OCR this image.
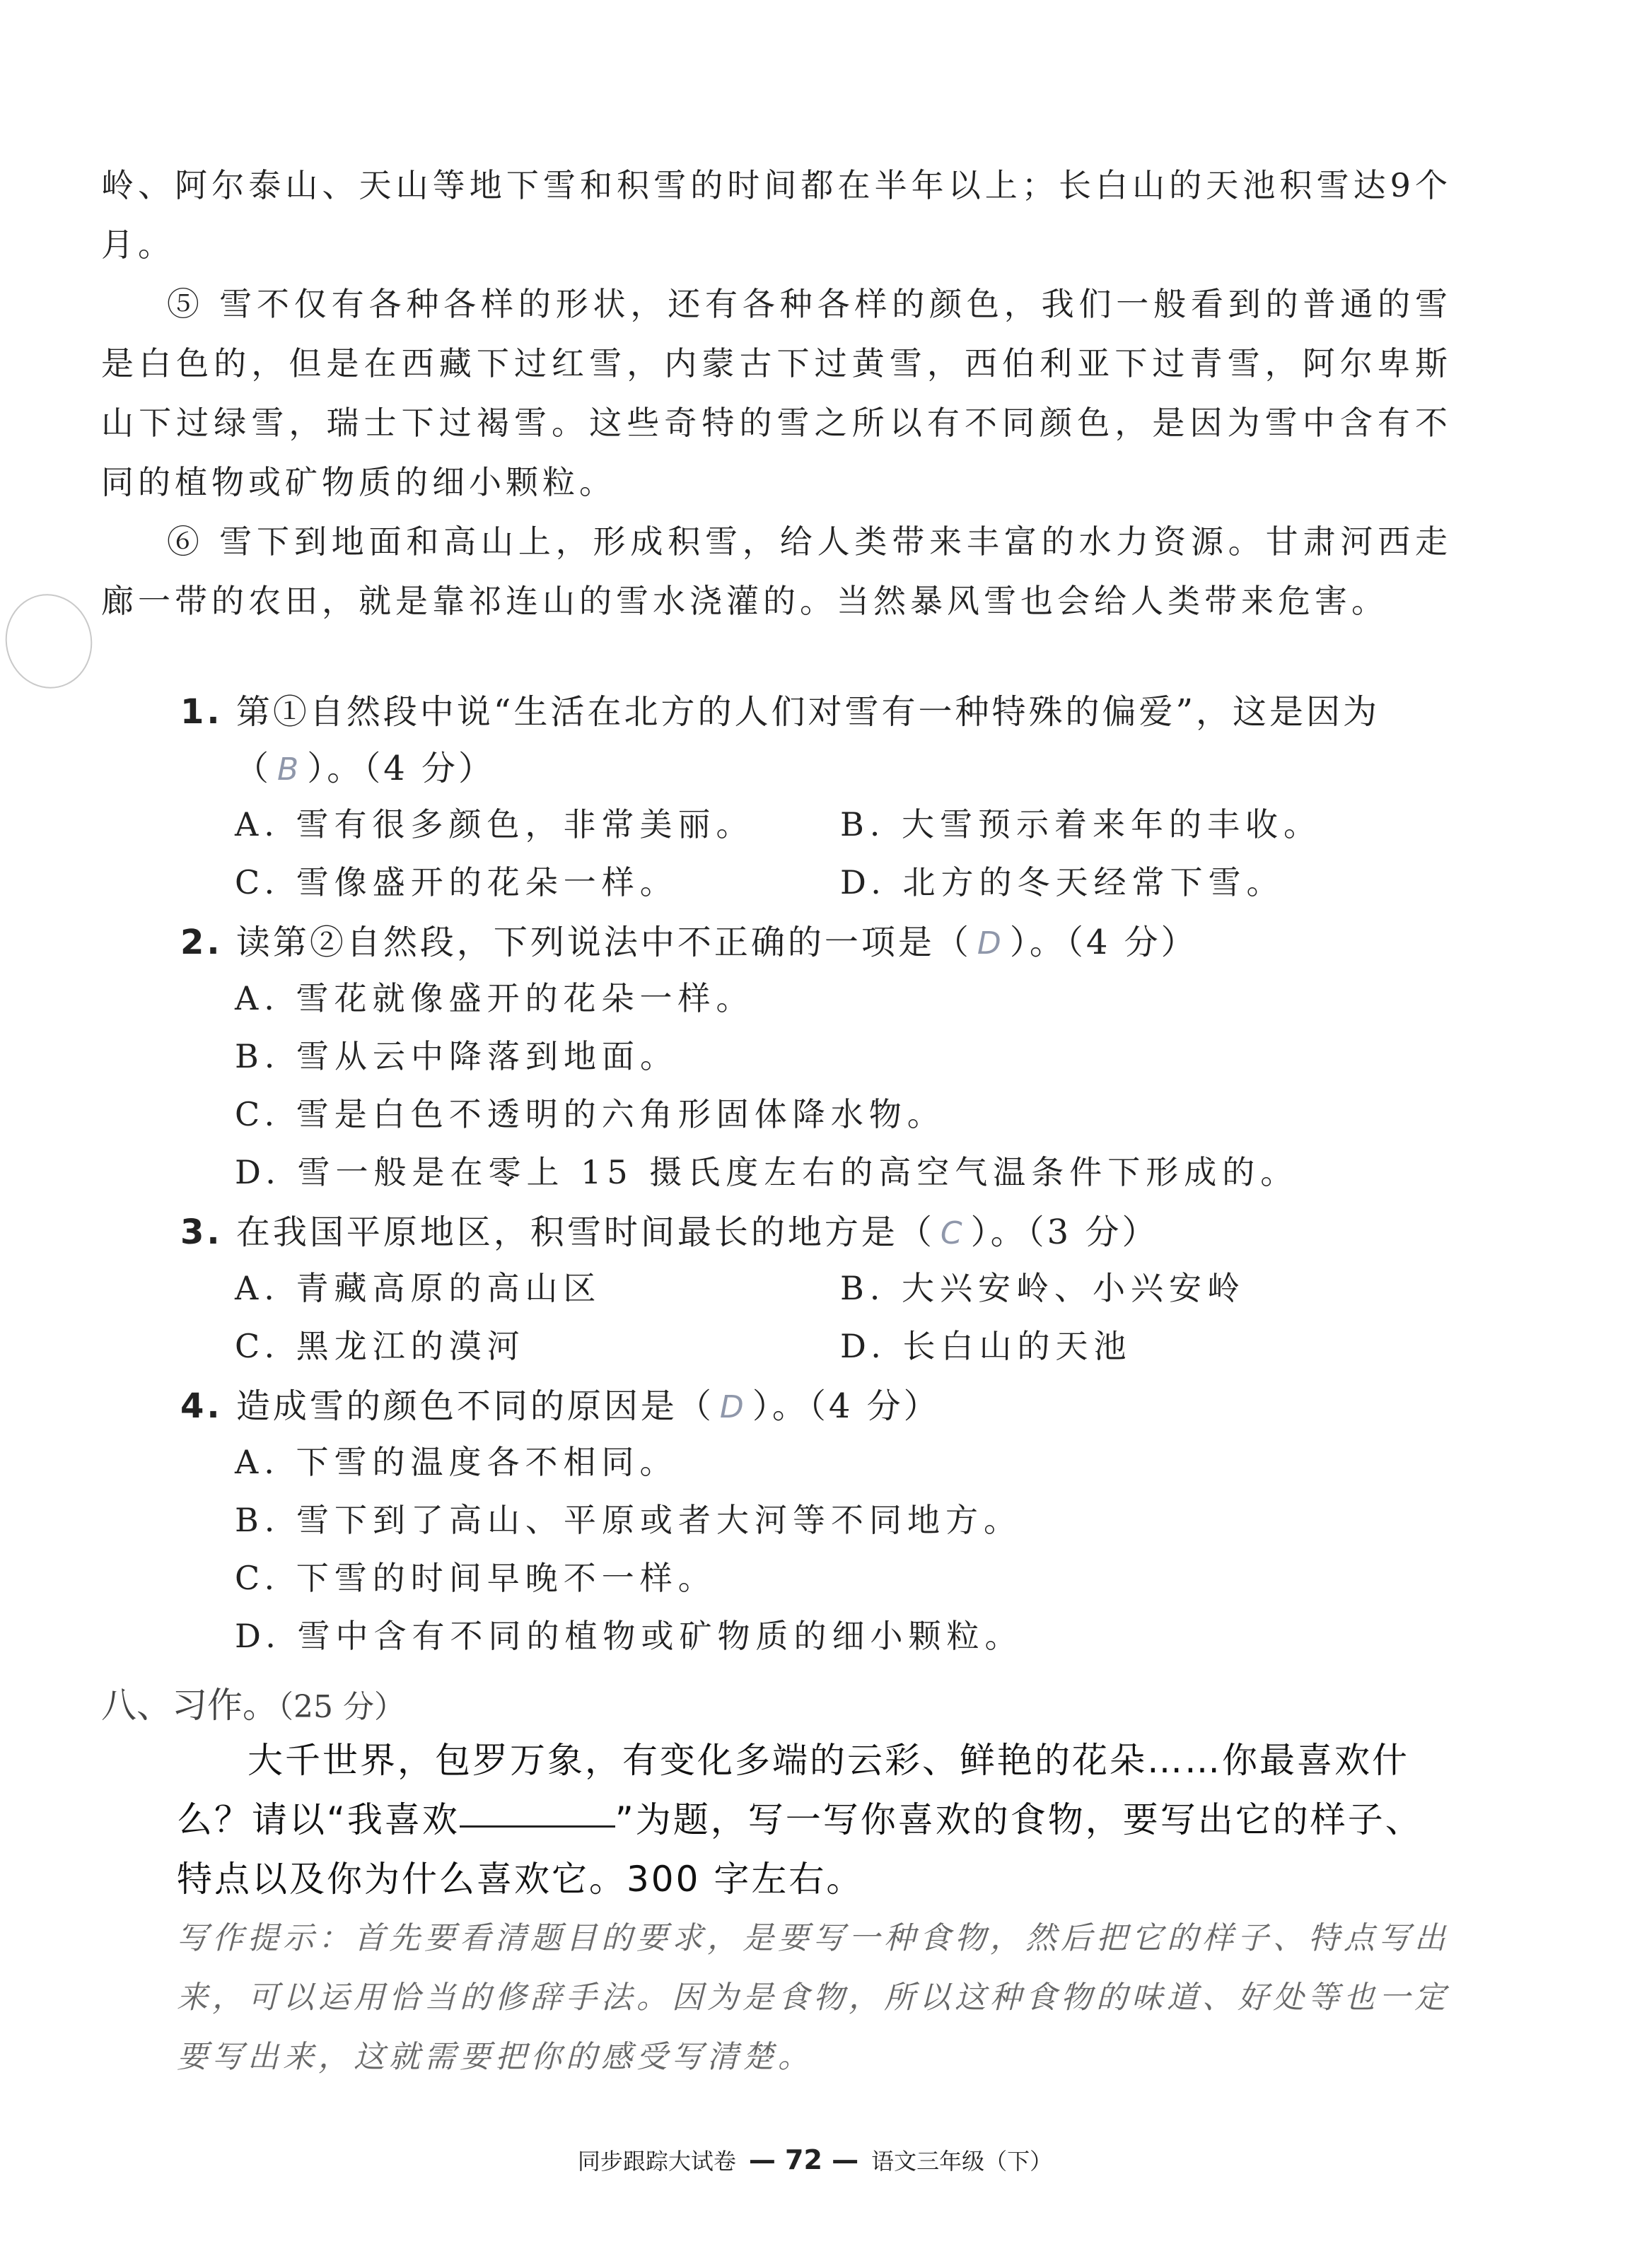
岭、阿尔泰山、天山等地下雪和积雪的时间都在半年以上；长白山的天池积雪达9个月。

⑤ 雪不仅有各种各样的形状，还有各种各样的颜色，我们一般看到的普通的雪是白色的，但是在西藏下过红雪，内蒙古下过黄雪，西伯利亚下过青雪，阿尔卑斯山下过绿雪，瑞士下过褐雪。这些奇特的雪之所以有不同颜色，是因为雪中含有不同的植物或矿物质的细小颗粒。

⑥ 雪下到地面和高山上，形成积雪，给人类带来丰富的水力资源。甘肃河西走廊一带的农田，就是靠祁连山的雪水浇灌的。当然暴风雪也会给人类带来危害。

1. 第①自然段中说“生活在北方的人们对雪有一种特殊的偏爱”，这是因为
（ B ）。（4 分）
A. 雪有很多颜色，非常美丽。	B. 大雪预示着来年的丰收。
C. 雪像盛开的花朵一样。	D. 北方的冬天经常下雪。
2. 读第②自然段，下列说法中不正确的一项是（ D ）。（4 分）
A. 雪花就像盛开的花朵一样。
B. 雪从云中降落到地面。
C. 雪是白色不透明的六角形固体降水物。
D. 雪一般是在零上 15 摄氏度左右的高空气温条件下形成的。
3. 在我国平原地区，积雪时间最长的地方是（ C ）。（3 分）
A. 青藏高原的高山区	B. 大兴安岭、小兴安岭
C. 黑龙江的漠河	D. 长白山的天池
4. 造成雪的颜色不同的原因是（ D ）。（4 分）
A. 下雪的温度各不相同。
B. 雪下到了高山、平原或者大河等不同地方。
C. 下雪的时间早晚不一样。
D. 雪中含有不同的植物或矿物质的细小颗粒。
八、习作。（25 分）

大千世界，包罗万象，有变化多端的云彩、鲜艳的花朵……你最喜欢什么？请以“我喜欢	”为题，写一写你喜欢的食物，要写出它的样子、特点以及你为什么喜欢它。300 字左右。

写作提示：首先要看清题目的要求，是要写一种食物，然后把它的样子、特点写出来，可以运用恰当的修辞手法。因为是食物，所以这种食物的味道、好处等也一定要写出来，这就需要把你的感受写清楚。

同步跟踪大试卷 — 72 — 语文三年级（下）
